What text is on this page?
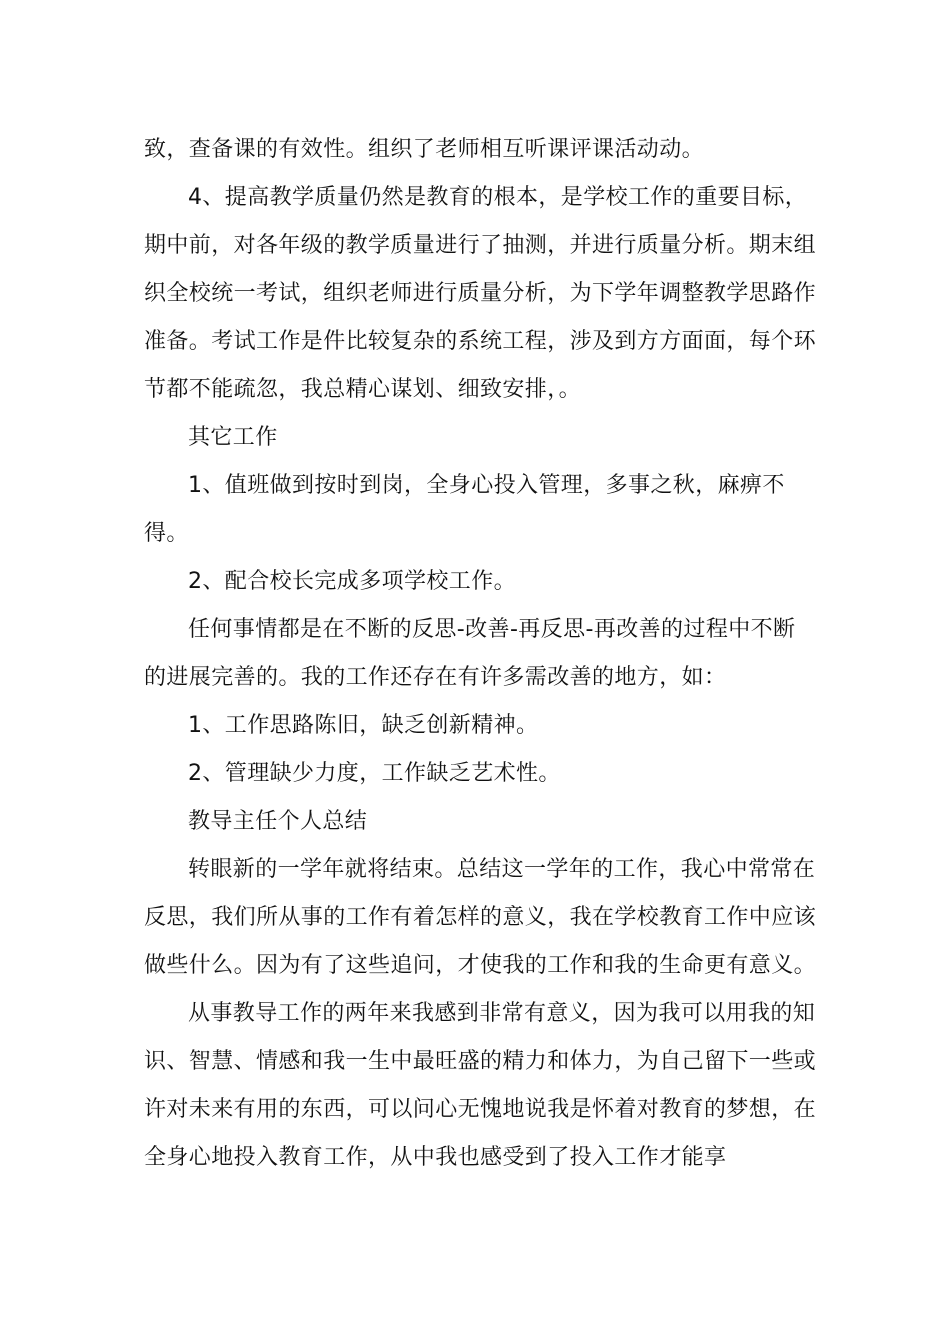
致，查备课的有效性。组织了老师相互听课评课活动动。

4、提高教学质量仍然是教育的根本，是学校工作的重要目标，期中前，对各年级的教学质量进行了抽测，并进行质量分析。期末组织全校统一考试，组织老师进行质量分析，为下学年调整教学思路作准备。考试工作是件比较复杂的系统工程，涉及到方方面面，每个环节都不能疏忽，我总精心谋划、细致安排，。

其它工作

1、值班做到按时到岗，全身心投入管理，多事之秋，麻痹不得。

2、配合校长完成多项学校工作。

任何事情都是在不断的反思-改善-再反思-再改善的过程中不断的进展完善的。我的工作还存在有许多需改善的地方，如：

1、工作思路陈旧，缺乏创新精神。

2、管理缺少力度，工作缺乏艺术性。

教导主任个人总结

转眼新的一学年就将结束。总结这一学年的工作，我心中常常在反思，我们所从事的工作有着怎样的意义，我在学校教育工作中应该做些什么。因为有了这些追问，才使我的工作和我的生命更有意义。

从事教导工作的两年来我感到非常有意义，因为我可以用我的知识、智慧、情感和我一生中最旺盛的精力和体力，为自己留下一些或许对未来有用的东西，可以问心无愧地说我是怀着对教育的梦想，在全身心地投入教育工作，从中我也感受到了投入工作才能享
